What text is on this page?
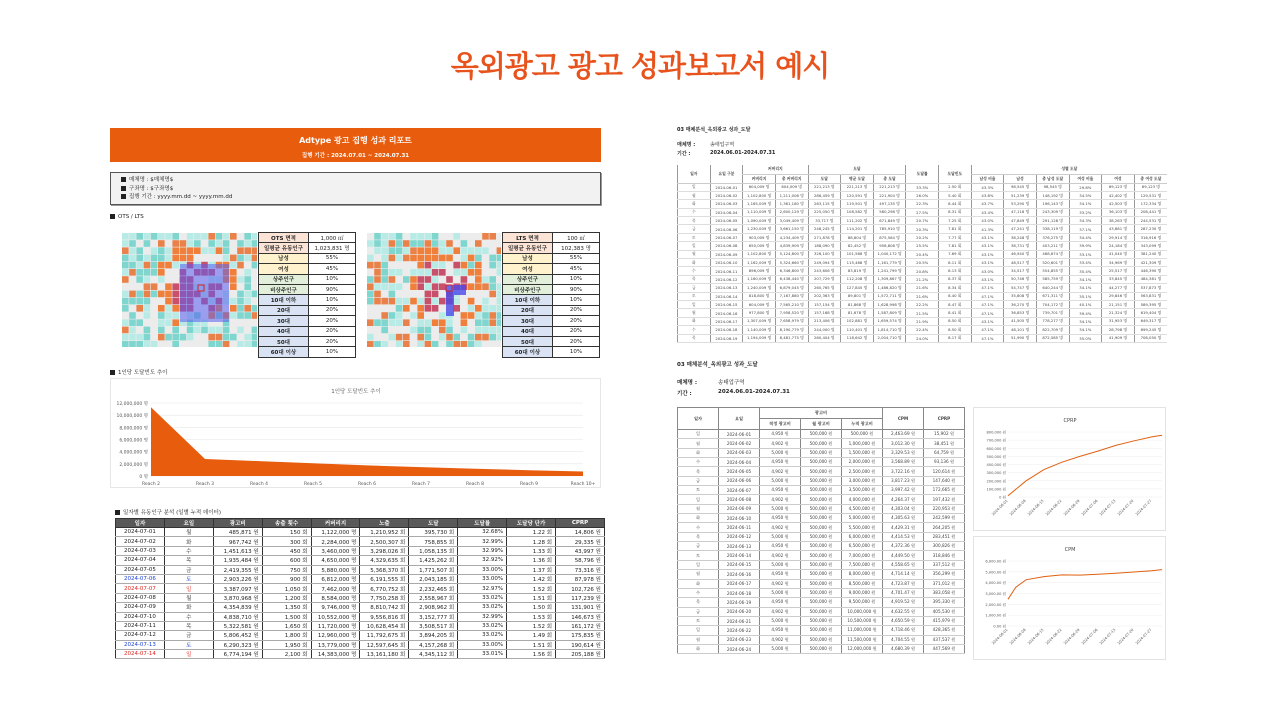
옥외광고 광고 성과보고서 예시
Adtype 광고 집행 성과 리포트
집행 기간 : 2024.07.01 ~ 2024.07.31
매체명 : $매체명$
구좌명 : $구좌명$
집행 기간 : yyyy.mm.dd ~ yyyy.mm.dd
OTS / LTS
OTS 면적	1,000 ㎡
일평균 유동인구	1,023,831 명
남성	55%
여성	45%
상주인구	10%
비상주인구	90%
10대 이하	10%
20대	20%
30대	20%
40대	20%
50대	20%
60대 이상	10%
LTS 면적	100 ㎡
일평균 유동인구	102,383 명
남성	55%
여성	45%
상주인구	10%
비상주인구	90%
10대 이하	10%
20대	20%
30대	20%
40대	20%
50대	20%
60대 이상	10%
1인당 도달빈도 추이
1인당 도달빈도 추이
0 명
2,000,000 명
4,000,000 명
6,000,000 명
8,000,000 명
10,000,000 명
12,000,000 명
Reach 2	Reach 3	Reach 4	Reach 5	Reach 6	Reach 7	Reach 8	Reach 9	Reach 10+
일자별 유동인구 분석 (일별 누적 데이터)
일자	요일	광고비	송출 횟수	커버리지	노출	도달	도달률	도달당 단가	CPRP
2024-07-01	월	485,871 원	150 회	1,122,000 명	1,210,952 회	395,730 회	32.68%	1.22 회	14,806 원
2024-07-02	화	967,742 원	300 회	2,284,000 명	2,500,307 회	758,855 회	32.99%	1.28 회	29,335 원
2024-07-03	수	1,451,613 원	450 회	3,460,000 명	3,298,026 회	1,058,135 회	32.99%	1.33 회	43,997 원
2024-07-04	목	1,935,484 원	600 회	4,650,000 명	4,329,635 회	1,425,262 회	32.92%	1.36 회	58,796 원
2024-07-05	금	2,419,355 원	750 회	5,880,000 명	5,368,370 회	1,771,507 회	33.00%	1.37 회	73,316 원
2024-07-06	토	2,903,226 원	900 회	6,812,000 명	6,191,555 회	2,043,185 회	33.00%	1.42 회	87,978 원
2024-07-07	일	3,387,097 원	1,050 회	7,462,000 명	6,770,752 회	2,232,465 회	32.97%	1.52 회	102,726 원
2024-07-08	월	3,870,968 원	1,200 회	8,584,000 명	7,750,258 회	2,558,967 회	33.02%	1.51 회	117,239 원
2024-07-09	화	4,354,839 원	1,350 회	9,746,000 명	8,810,742 회	2,908,962 회	33.02%	1.50 회	131,901 원
2024-07-10	수	4,838,710 원	1,500 회	10,552,000 명	9,556,816 회	3,152,777 회	32.99%	1.53 회	146,673 원
2024-07-11	목	5,322,581 원	1,650 회	11,720,000 명	10,628,454 회	3,508,517 회	33.02%	1.52 회	161,172 원
2024-07-12	금	5,806,452 원	1,800 회	12,960,000 명	11,792,675 회	3,894,205 회	33.02%	1.49 회	175,835 원
2024-07-13	토	6,290,323 원	1,950 회	13,779,000 명	12,597,645 회	4,157,268 회	33.00%	1.51 회	190,614 원
2024-07-14	일	6,774,194 원	2,100 회	14,383,000 명	13,161,180 회	4,345,112 회	33.01%	1.56 회	205,188 원
03 매체분석_옥외광고 성과_도달
매체명 :	송태업구역
기간 :	2024.06.01-2024.07.31
일자	요일 구분	커버리지		도달			도달률	도달빈도	성별 도달					
		커버리지	총 커버리지	도달	평균 도달	총 도달			남성 비율	남성	총 남성 도달	여성 비율	여성	총 여성 도달
일	2024-06-01	604,009 명	604,009 명	221,213 명	221,213 명	221,213 명	33.3%	2.50 회	43.3%	98,545 명	98,545 명	29.8%	69,123 명	69,123 명
월	2024-06-02	1,102,800 명	1,211,006 명	286,459 명	120,591 명	221,904 명	26.0%	5.40 회	43.8%	51,239 명	148,192 명	34.5%	42,402 명	129,531 명
화	2024-06-03	1,165,009 명	1,361,180 명	263,115 명	119,501 명	497,135 명	22.3%	8.44 회	43.7%	53,290 명	196,143 명	34.1%	42,503 명	172,334 명
수	2024-06-04	1,110,009 명	2,600,129 명	225,050 명	108,582 명	580,298 명	27.5%	8.31 회	43.4%	47,118 명	243,309 명	33.2%	36,103 명	208,441 명
목	2024-06-05	1,090,009 명	3,049,409 명	33,717 명	111,202 명	671,849 명	20.7%	7.25 회	43.0%	47,849 명	291,128 명	34.3%	38,263 명	244,531 명
금	2024-06-06	1,230,009 명	3,661,150 명	248,245 명	114,201 명	785,910 명	20.3%	7.81 회	41.3%	47,241 명	338,119 명	37.1%	43,881 명	287,230 명
토	2024-06-07	903,009 명	4,234,409 명	271,878 명	88,604 명	875,564 명	20.2%	7.77 회	43.1%	38,248 명	376,275 명	34.4%	29,914 명	316,916 명
일	2024-06-08	650,009 명	4,839,909 명	188,090 명	82,452 명	958,808 명	25.5%	7.81 회	43.1%	38,731 명	403,211 명	39.9%	24,184 명	343,099 명
월	2024-06-09	1,102,800 명	5,124,800 명	326,100 명	101,568 명	1,040,172 명	20.4%	7.69 회	43.1%	46,940 명	468,674 명	33.1%	41,040 명	381,240 명
화	2024-06-10	1,162,009 명	5,324,660 명	249,094 명	115,468 명	1,161,779 명	20.5%	8.11 회	43.1%	48,517 명	520,601 명	33.4%	34,969 명	421,309 명
수	2024-06-11	896,009 명	6,346,800 명	243,606 명	83,819 명	1,241,799 명	20.8%	8.13 회	43.0%	34,517 명	554,855 명	35.4%	25,517 명	446,390 명
목	2024-06-12	1,160,009 명	6,438,440 명	207,729 명	112,208 명	1,309,867 명	21.2%	8.37 회	43.1%	50,746 명	585,759 명	34.1%	33,845 명	484,381 명
금	2024-06-13	1,240,009 명	6,879,045 명	260,765 명	127,845 명	1,486,820 명	21.6%	8.34 회	47.1%	54,747 명	640,244 명	34.1%	44,277 명	537,873 명
토	2024-06-14	818,800 명	7,167,880 명	202,363 명	89,801 명	1,572,711 명	21.6%	8.40 회	47.1%	35,808 명	671,311 명	35.1%	29,846 명	563,831 명
일	2024-06-15	604,009 명	7,565,210 명	157,154 명	81,868 명	1,628,998 명	22.2%	8.47 회	47.1%	36,270 명	704,172 명	40.1%	21,151 명	589,395 명
월	2024-06-16	977,800 명	7,958,520 명	157,168 명	81,678 명	1,587,809 명	21.5%	8.41 회	47.1%	36,853 명	739,701 명	39.4%	21,324 명	619,404 명
화	2024-06-17	1,307,009 명	7,658,979 명	213,406 명	102,881 명	1,659,574 명	21.9%	8.50 회	43.1%	41,505 명	778,277 명	34.1%	31,953 명	649,317 명
수	2024-06-18	1,140,009 명	8,190,779 명	244,000 명	110,401 명	1,814,710 명	22.4%	8.50 회	47.1%	48,101 명	822,709 명	34.1%	28,798 명	699,245 명
목	2024-06-19	1,194,009 명	8,481,775 명	260,404 명	118,642 명	2,004,710 명	24.0%	8.17 회	47.1%	51,990 명	872,585 명	35.0%	41,909 명	708,050 명
03 매체분석_옥외광고 성과_도달
일자	요일	광고비			CPM	CPRP
		적정 광고비	월 광고비	누적 광고비		
일	2024-06-01	4,950 원	500,000 원	500,000 원	2,463.69 원	15,902 원
월	2024-06-02	4,902 원	500,000 원	1,000,000 원	3,012.30 원	38,451 원
화	2024-06-03	5,000 원	500,000 원	1,500,000 원	3,329.53 원	64,759 원
수	2024-06-04	4,950 원	500,000 원	2,000,000 원	3,568.89 원	93,136 원
목	2024-06-05	4,902 원	500,000 원	2,500,000 원	3,722.16 원	120,614 원
금	2024-06-06	5,000 원	500,000 원	3,000,000 원	3,817.23 원	147,640 원
토	2024-06-07	4,950 원	500,000 원	3,500,000 원	3,997.42 원	172,665 원
일	2024-06-08	4,902 원	500,000 원	4,000,000 원	4,264.37 원	197,432 원
월	2024-06-09	5,000 원	500,000 원	4,500,000 원	4,303.04 원	220,953 원
화	2024-06-10	4,950 원	500,000 원	5,000,000 원	4,305.63 원	242,599 원
수	2024-06-11	4,902 원	500,000 원	5,500,000 원	4,429.31 원	264,205 원
목	2024-06-12	5,000 원	500,000 원	6,000,000 원	4,414.53 원	283,451 원
금	2024-06-13	4,950 원	500,000 원	6,500,000 원	4,372.36 원	300,826 원
토	2024-06-14	4,902 원	500,000 원	7,000,000 원	4,449.50 원	318,846 원
일	2024-06-15	5,000 원	500,000 원	7,500,000 원	4,558.65 원	337,512 원
월	2024-06-16	4,950 원	500,000 원	8,000,000 원	4,714.14 원	356,299 원
화	2024-06-17	4,902 원	500,000 원	8,500,000 원	4,723.87 원	371,012 원
수	2024-06-18	5,000 원	500,000 원	9,000,000 원	4,701.47 원	383,058 원
목	2024-06-19	4,950 원	500,000 원	9,500,000 원	4,919.52 원	395,330 원
금	2024-06-20	4,902 원	500,000 원	10,000,000 원	4,632.55 원	405,530 원
토	2024-06-21	5,000 원	500,000 원	10,500,000 원	4,650.59 원	415,979 원
일	2024-06-22	4,950 원	500,000 원	11,000,000 원	4,718.46 원	428,365 원
월	2024-06-23	4,902 원	500,000 원	11,500,000 원	4,704.55 원	437,537 원
화	2024-06-24	5,000 원	500,000 원	12,000,000 원	4,680.39 원	447,569 원
CPRP
0 원
100,000 원
200,000 원
300,000 원
400,000 원
500,000 원
600,000 원
700,000 원
800,000 원
2024-06-01 2024-06-08 2024-06-15 2024-06-22 2024-06-29 2024-07-06 2024-07-13 2024-07-20 2024-07-27
CPM
0.00 원
1,000.00 원
2,000.00 원
3,000.00 원
4,000.00 원
5,000.00 원
6,000.00 원
2024-06-01 2024-06-08 2024-06-15 2024-06-22 2024-06-29 2024-07-06 2024-07-13 2024-07-20 2024-07-27
매체명 :	송태업구역
기간 :	2024.06.01-2024.07.31
